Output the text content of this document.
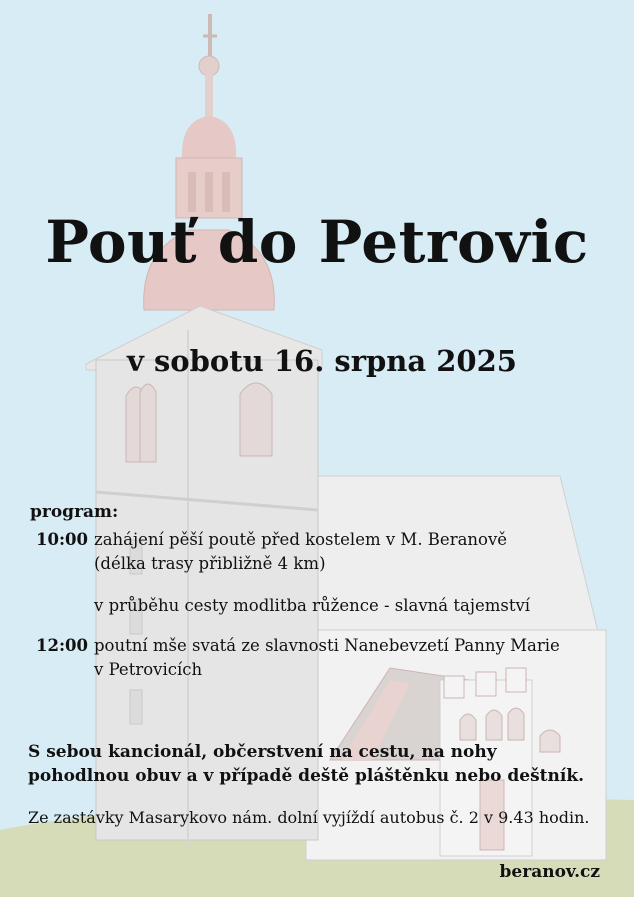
Pouť do Petrovic
v sobotu 16. srpna 2025
program:
10:00 zahájení pěší poutě před kostelem v M. Beranově
(délka trasy přibližně 4 km)
v průběhu cesty modlitba růžence - slavná tajemství
12:00 poutní mše svatá ze slavnosti Nanebevzetí Panny Marie
v Petrovicích
S sebou kancionál, občerstvení na cestu, na nohy
pohodlnou obuv a v případě deště pláštěnku nebo deštník.
Ze zastávky Masarykovo nám. dolní vyjíždí autobus č. 2 v 9.43 hodin.
beranov.cz
